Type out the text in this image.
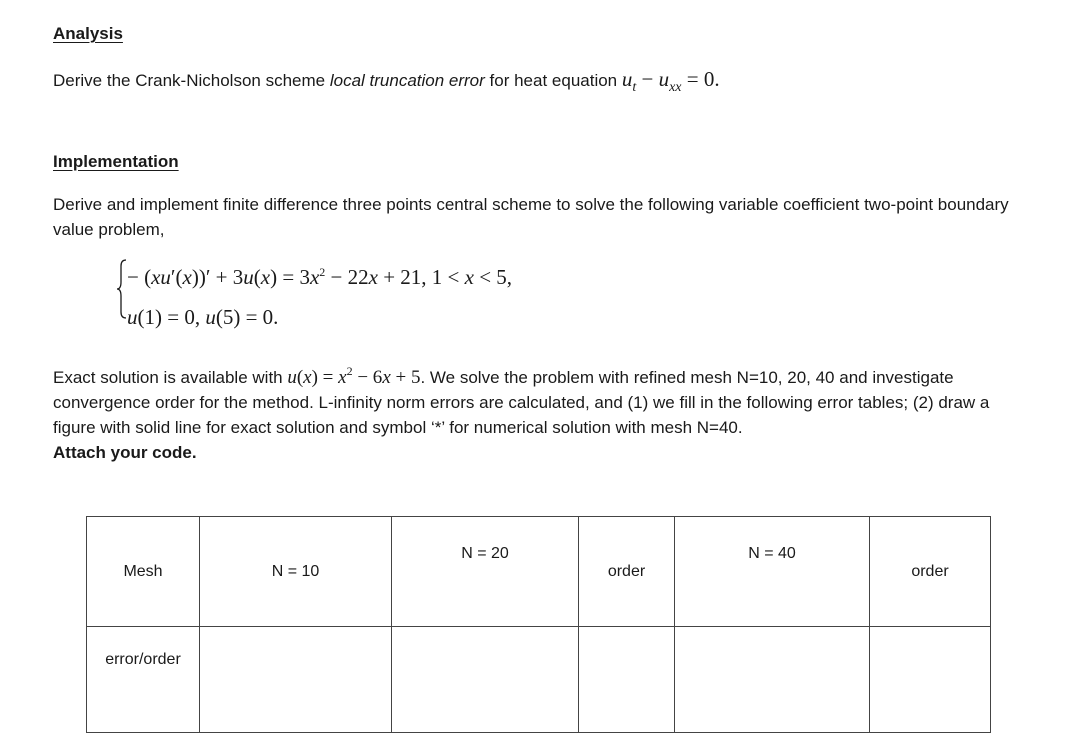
Analysis
Derive the Crank-Nicholson scheme local truncation error for heat equation $u_t - u_{xx} = 0$.
Implementation
Derive and implement finite difference three points central scheme to solve the following variable coefficient two-point boundary value problem,
− $(xu'(x))' + 3u(x) = 3x^2 - 22x + 21$, 1 < x < 5,
u(1) = 0, u(5) = 0.
Exact solution is available with $u(x) = x^2 - 6x + 5$. We solve the problem with refined mesh N=10, 20, 40 and investigate convergence order for the method. L-infinity norm errors are calculated, and (1) we fill in the following error tables; (2) draw a figure with solid line for exact solution and symbol ‘*’ for numerical solution with mesh N=40.
Attach your code.
Mesh	N = 10	N = 20	order	N = 40	order
error/order					
